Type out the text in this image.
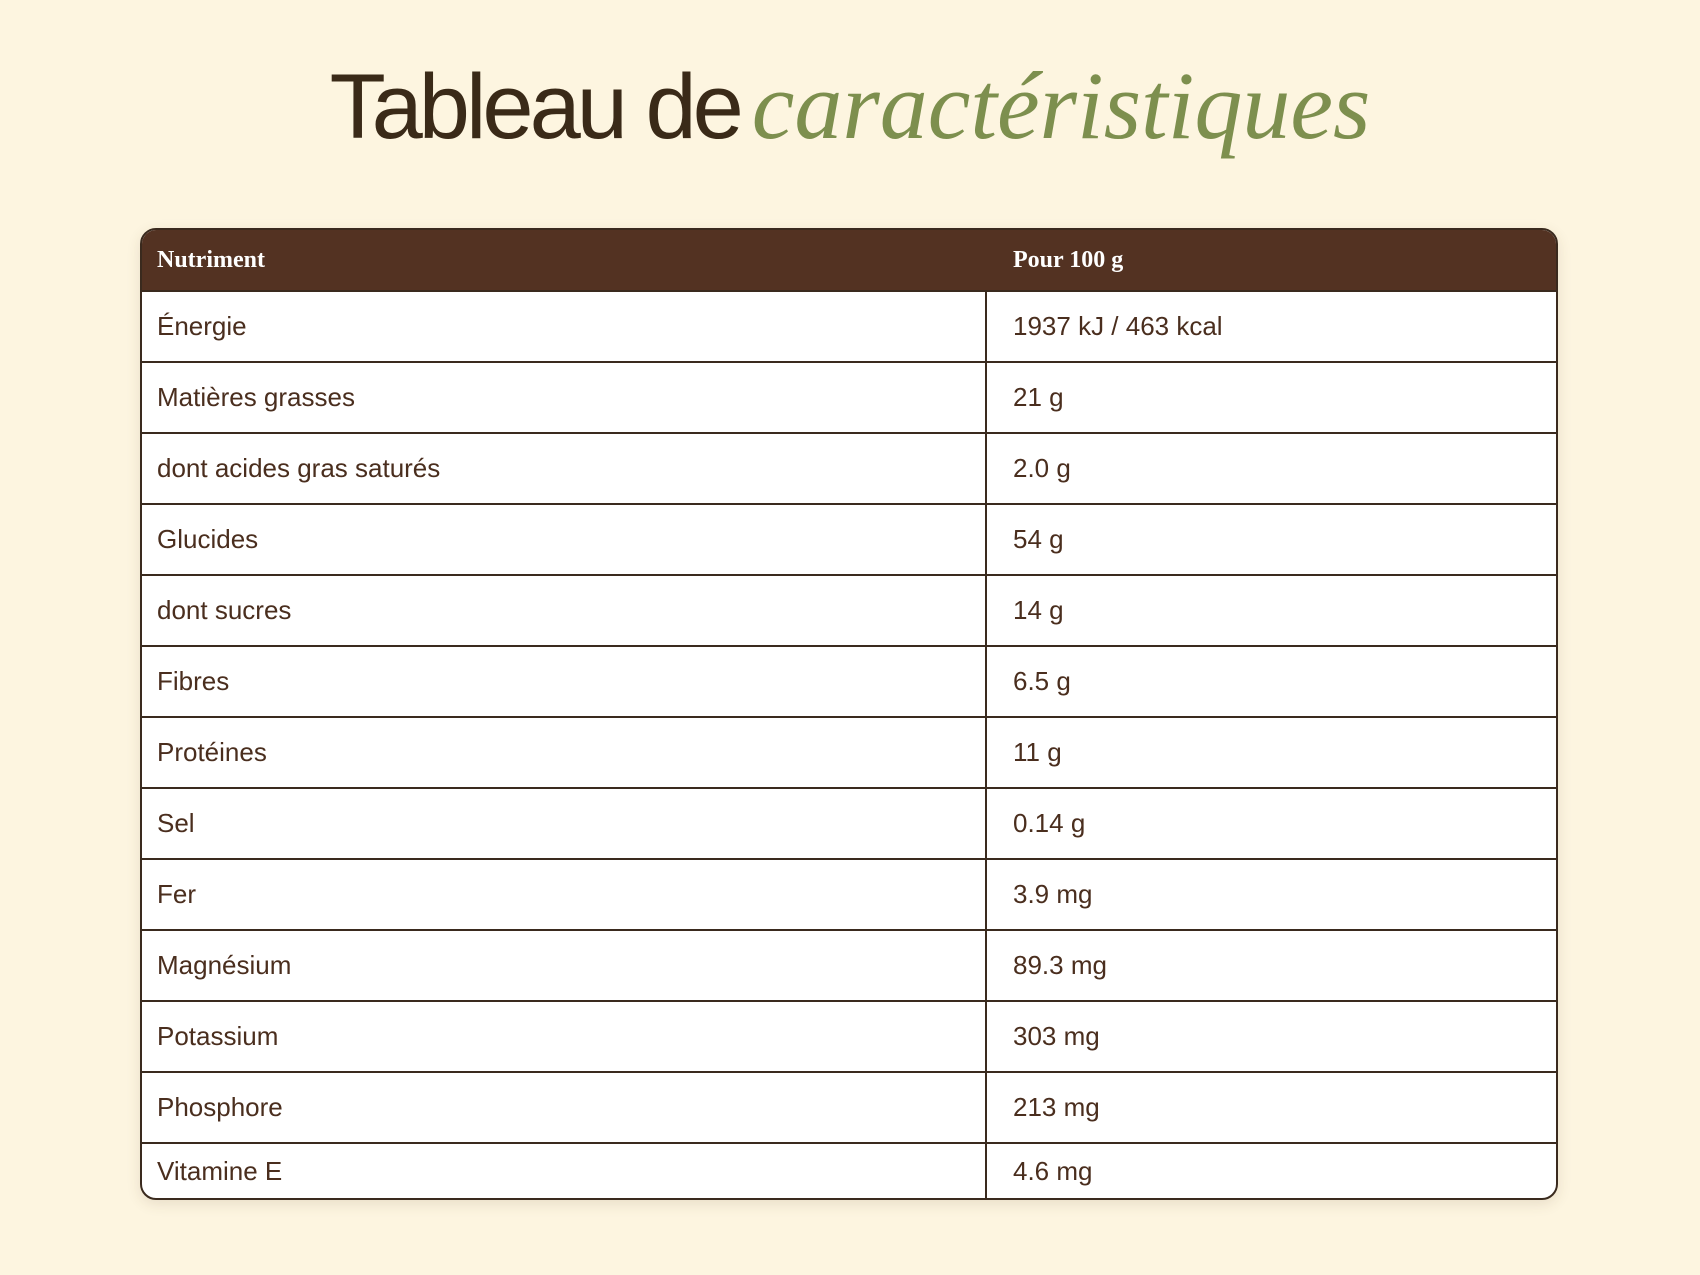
Tableau de caractéristiques
Nutriment	Pour 100 g
Énergie	1937 kJ / 463 kcal
Matières grasses	21 g
dont acides gras saturés	2.0 g
Glucides	54 g
dont sucres	14 g
Fibres	6.5 g
Protéines	11 g
Sel	0.14 g
Fer	3.9 mg
Magnésium	89.3 mg
Potassium	303 mg
Phosphore	213 mg
Vitamine E	4.6 mg
